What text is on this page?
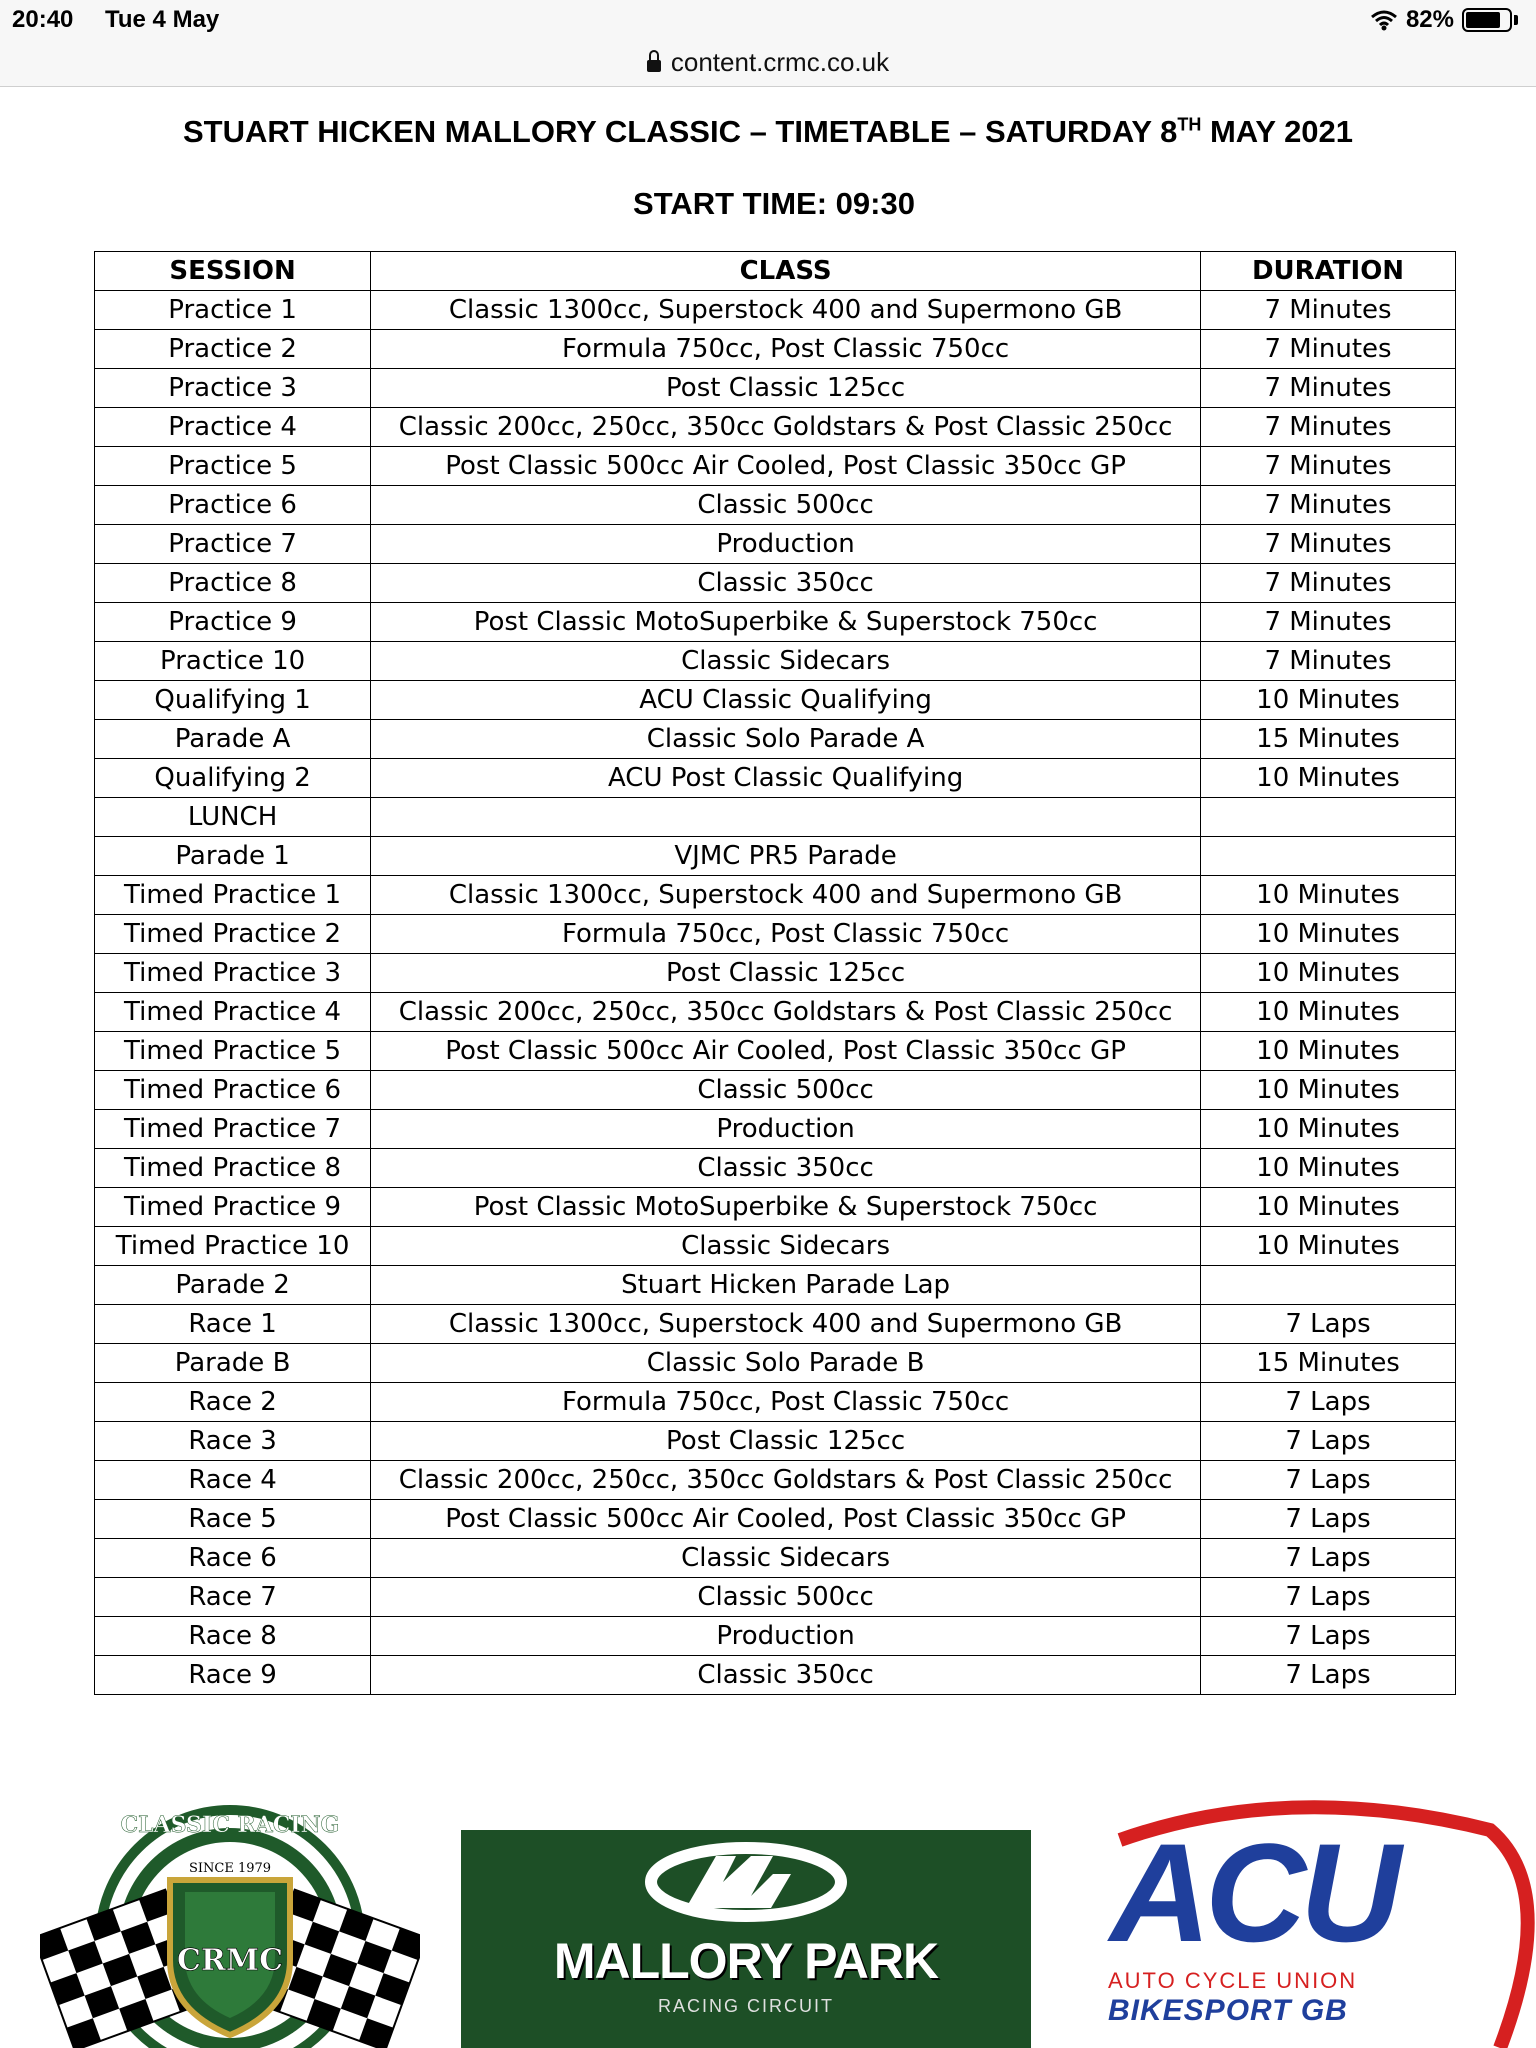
20:40 Tue 4 May	82%
content.crmc.co.uk
STUART HICKEN MALLORY CLASSIC – TIMETABLE – SATURDAY 8TH MAY 2021
START TIME: 09:30
SESSION	CLASS	DURATION
Practice 1	Classic 1300cc, Superstock 400 and Supermono GB	7 Minutes
Practice 2	Formula 750cc, Post Classic 750cc	7 Minutes
Practice 3	Post Classic 125cc	7 Minutes
Practice 4	Classic 200cc, 250cc, 350cc Goldstars & Post Classic 250cc	7 Minutes
Practice 5	Post Classic 500cc Air Cooled, Post Classic 350cc GP	7 Minutes
Practice 6	Classic 500cc	7 Minutes
Practice 7	Production	7 Minutes
Practice 8	Classic 350cc	7 Minutes
Practice 9	Post Classic MotoSuperbike & Superstock 750cc	7 Minutes
Practice 10	Classic Sidecars	7 Minutes
Qualifying 1	ACU Classic Qualifying	10 Minutes
Parade A	Classic Solo Parade A	15 Minutes
Qualifying 2	ACU Post Classic Qualifying	10 Minutes
LUNCH		
Parade 1	VJMC PR5 Parade	
Timed Practice 1	Classic 1300cc, Superstock 400 and Supermono GB	10 Minutes
Timed Practice 2	Formula 750cc, Post Classic 750cc	10 Minutes
Timed Practice 3	Post Classic 125cc	10 Minutes
Timed Practice 4	Classic 200cc, 250cc, 350cc Goldstars & Post Classic 250cc	10 Minutes
Timed Practice 5	Post Classic 500cc Air Cooled, Post Classic 350cc GP	10 Minutes
Timed Practice 6	Classic 500cc	10 Minutes
Timed Practice 7	Production	10 Minutes
Timed Practice 8	Classic 350cc	10 Minutes
Timed Practice 9	Post Classic MotoSuperbike & Superstock 750cc	10 Minutes
Timed Practice 10	Classic Sidecars	10 Minutes
Parade 2	Stuart Hicken Parade Lap	
Race 1	Classic 1300cc, Superstock 400 and Supermono GB	7 Laps
Parade B	Classic Solo Parade B	15 Minutes
Race 2	Formula 750cc, Post Classic 750cc	7 Laps
Race 3	Post Classic 125cc	7 Laps
Race 4	Classic 200cc, 250cc, 350cc Goldstars & Post Classic 250cc	7 Laps
Race 5	Post Classic 500cc Air Cooled, Post Classic 350cc GP	7 Laps
Race 6	Classic Sidecars	7 Laps
Race 7	Classic 500cc	7 Laps
Race 8	Production	7 Laps
Race 9	Classic 350cc	7 Laps
CLASSIC RACING
SINCE 1979
CRMC	MALLORY PARK
RACING CIRCUIT
ACU
AUTO CYCLE UNION
BIKESPORT GB
